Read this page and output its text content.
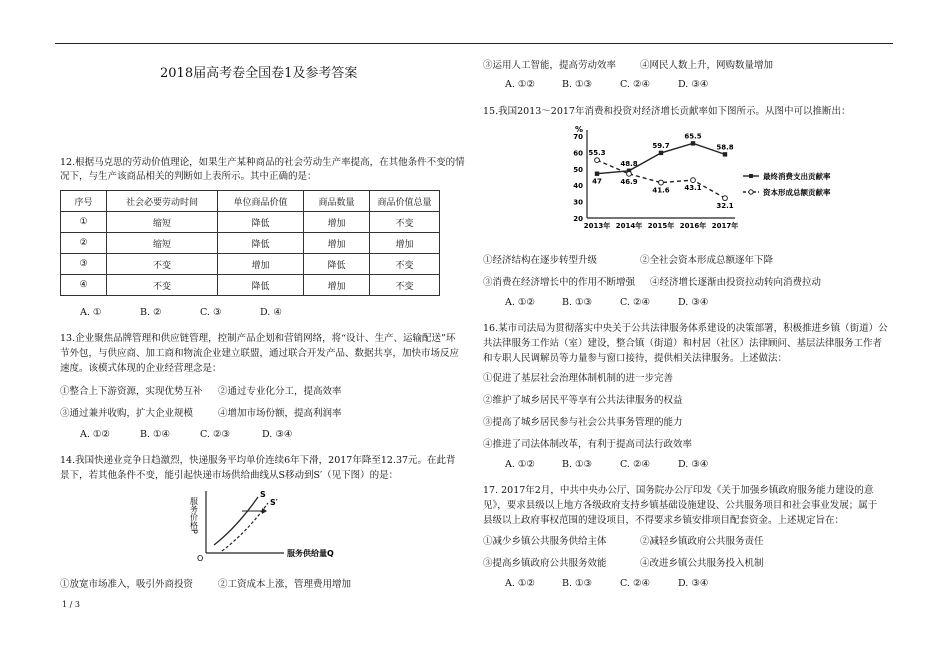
2018届高考卷全国卷1及参考答案
12.根据马克思的劳动价值理论，如果生产某种商品的社会劳动生产率提高，在其他条件不变的情
况下，与生产该商品相关的判断如上表所示。其中正确的是：
序号	社会必要劳动时间	单位商品价值	商品数量	商品价值总量
①	缩短	降低	增加	不变
②	缩短	降低	增加	增加
③	不变	增加	降低	不变
④	不变	降低	增加	不变
A. ①	B. ②	C. ③	D. ④
13.企业聚焦品牌管理和供应链管理，控制产品企划和营销网络，将“设计、生产、运输配送”环
节外包，与供应商、加工商和物流企业建立联盟，通过联合开发产品、数据共享，加快市场反应
速度。该模式体现的企业经营理念是：
①整合上下游资源，实现优势互补 ②通过专业化分工，提高效率
③通过兼并收购，扩大企业规模	④增加市场份额，提高利润率
A. ①②	B. ①④	C. ②③	D. ③④
14.我国快递业竞争日趋激烈，快递服务平均单价连续6年下滑，2017年降至12.37元。在此背
景下，若其他条件不变，能引起快递市场供给曲线从S移动到S′（见下图）的是：
服务价格P
O
服务供给量Q
S
S′
①放宽市场准入，吸引外商投资	②工资成本上涨，管理费用增加
1 / 3
③运用人工智能，提高劳动效率	④网民人数上升，网购数量增加
A. ①②	B. ①③	C. ②④	D. ③④
15.我国2013～2017年消费和投资对经济增长贡献率如下图所示。从图中可以推断出：
%
70
60
50
40
30
20
2013年 2014年 2015年 2016年 2017年
47
48.8
59.7
65.5
58.8
最终消费支出贡献率
55.3
46.9
41.6 43.1
32.1
资本形成总额贡献率
①经济结构在逐步转型升级	②全社会资本形成总额逐年下降
③消费在经济增长中的作用不断增强 ④经济增长逐渐由投资拉动转向消费拉动
A. ①②	B. ①③	C. ②④	D. ③④
16.某市司法局为贯彻落实中央关于公共法律服务体系建设的决策部署，积极推进乡镇（街道）公
共法律服务工作站（室）建设，整合镇（街道）和村居（社区）法律顾问、基层法律服务工作者
和专职人民调解员等力量参与窗口接待，提供相关法律服务。上述做法：
①促进了基层社会治理体制机制的进一步完善
②维护了城乡居民平等享有公共法律服务的权益
③提高了城乡居民参与社会公共事务管理的能力
④推进了司法体制改革，有利于提高司法行政效率
A. ①②	B. ①③	C. ②④	D. ③④
17. 2017年2月，中共中央办公厅、国务院办公厅印发《关于加强乡镇政府服务能力建设的意
见》，要求县级以上地方各级政府支持乡镇基础设施建设、公共服务项目和社会事业发展；属于
县级以上政府事权范围的建设项目，不得要求乡镇安排项目配套资金。上述规定旨在：
①减少乡镇公共服务供给主体	②减轻乡镇政府公共服务责任
③提高乡镇政府公共服务效能	④改进乡镇公共服务投入机制
A. ①②	B. ①③	C. ②④	D. ③④
